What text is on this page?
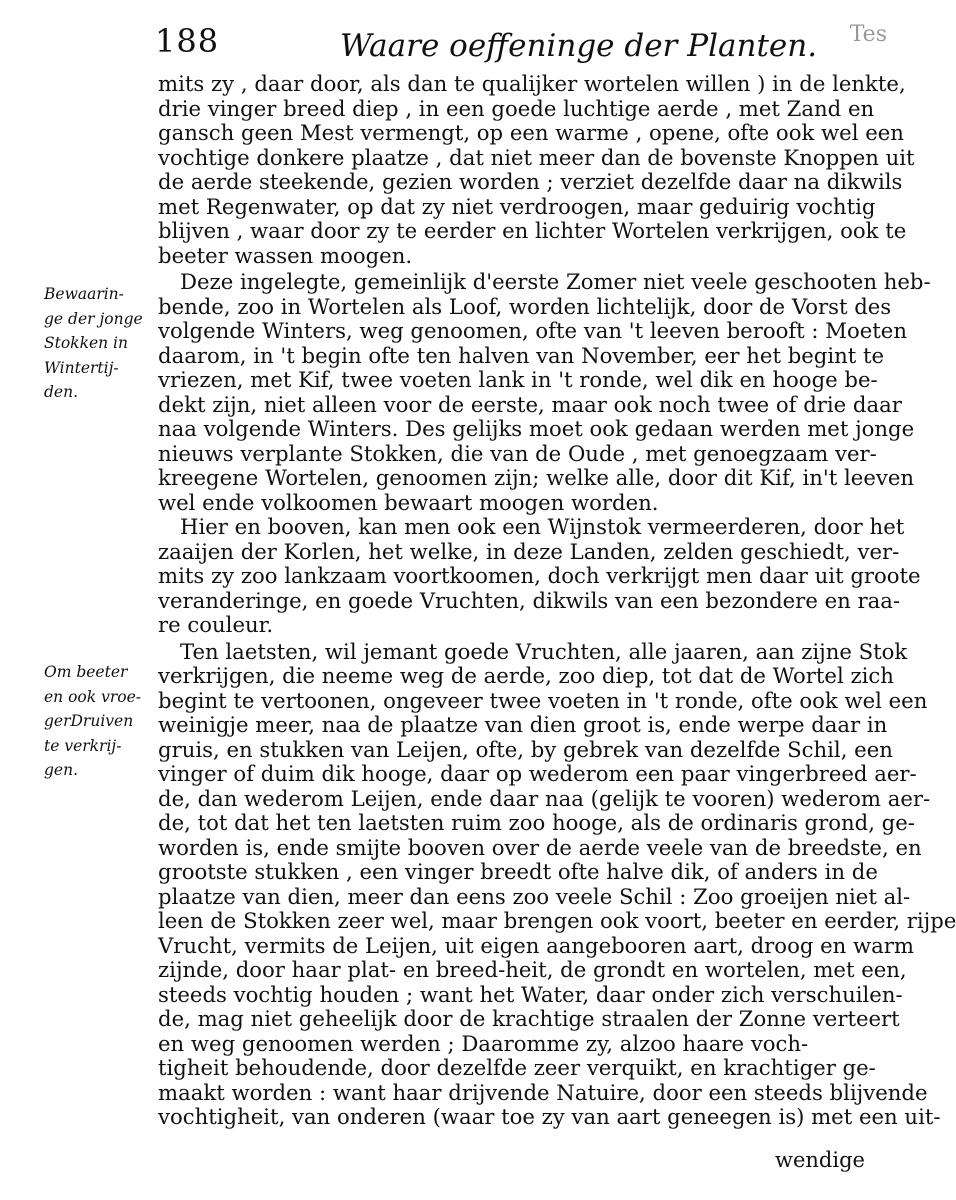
188	Waare oeffeninge der Planten. Tes
Bewaarin-
ge der jonge
Stokken in
Wintertij-
den.
Om beeter
en ook vroe-
gerDruiven
te verkrij-
gen.
mits zy , daar door, als dan te qualijker wortelen willen ) in de lenkte,
drie vinger breed diep , in een goede luchtige aerde , met Zand en
gansch geen Mest vermengt, op een warme , opene, ofte ook wel een
vochtige donkere plaatze , dat niet meer dan de bovenste Knoppen uit
de aerde steekende, gezien worden ; verziet dezelfde daar na dikwils
met Regenwater, op dat zy niet verdroogen, maar geduirig vochtig
blijven , waar door zy te eerder en lichter Wortelen verkrijgen, ook te
beeter wassen moogen.
Deze ingelegte, gemeinlijk d'eerste Zomer niet veele geschooten heb-
bende, zoo in Wortelen als Loof, worden lichtelijk, door de Vorst des
volgende Winters, weg genoomen, ofte van 't leeven berooft : Moeten
daarom, in 't begin ofte ten halven van November, eer het begint te
vriezen, met Kif, twee voeten lank in 't ronde, wel dik en hooge be-
dekt zijn, niet alleen voor de eerste, maar ook noch twee of drie daar
naa volgende Winters. Des gelijks moet ook gedaan werden met jonge
nieuws verplante Stokken, die van de Oude , met genoegzaam ver-
kreegene Wortelen, genoomen zijn; welke alle, door dit Kif, in't leeven
wel ende volkoomen bewaart moogen worden.
Hier en booven, kan men ook een Wijnstok vermeerderen, door het
zaaijen der Korlen, het welke, in deze Landen, zelden geschiedt, ver-
mits zy zoo lankzaam voortkoomen, doch verkrijgt men daar uit groote
veranderinge, en goede Vruchten, dikwils van een bezondere en raa-
re couleur.
Ten laetsten, wil jemant goede Vruchten, alle jaaren, aan zijne Stok
verkrijgen, die neeme weg de aerde, zoo diep, tot dat de Wortel zich
begint te vertoonen, ongeveer twee voeten in 't ronde, ofte ook wel een
weinigje meer, naa de plaatze van dien groot is, ende werpe daar in
gruis, en stukken van Leijen, ofte, by gebrek van dezelfde Schil, een
vinger of duim dik hooge, daar op wederom een paar vingerbreed aer-
de, dan wederom Leijen, ende daar naa (gelijk te vooren) wederom aer-
de, tot dat het ten laetsten ruim zoo hooge, als de ordinaris grond, ge-
worden is, ende smijte booven over de aerde veele van de breedste, en
grootste stukken , een vinger breedt ofte halve dik, of anders in de
plaatze van dien, meer dan eens zoo veele Schil : Zoo groeijen niet al-
leen de Stokken zeer wel, maar brengen ook voort, beeter en eerder, rijpe
Vrucht, vermits de Leijen, uit eigen aangebooren aart, droog en warm
zijnde, door haar plat- en breed-heit, de grondt en wortelen, met een,
steeds vochtig houden ; want het Water, daar onder zich verschuilen-
de, mag niet geheelijk door de krachtige straalen der Zonne verteert
en weg genoomen werden ; Daaromme zy, alzoo haare voch-
tigheit behoudende, door dezelfde zeer verquikt, en krachtiger ge-
maakt worden : want haar drijvende Natuire, door een steeds blijvende
vochtigheit, van onderen (waar toe zy van aart geneegen is) met een uit-
wendige
